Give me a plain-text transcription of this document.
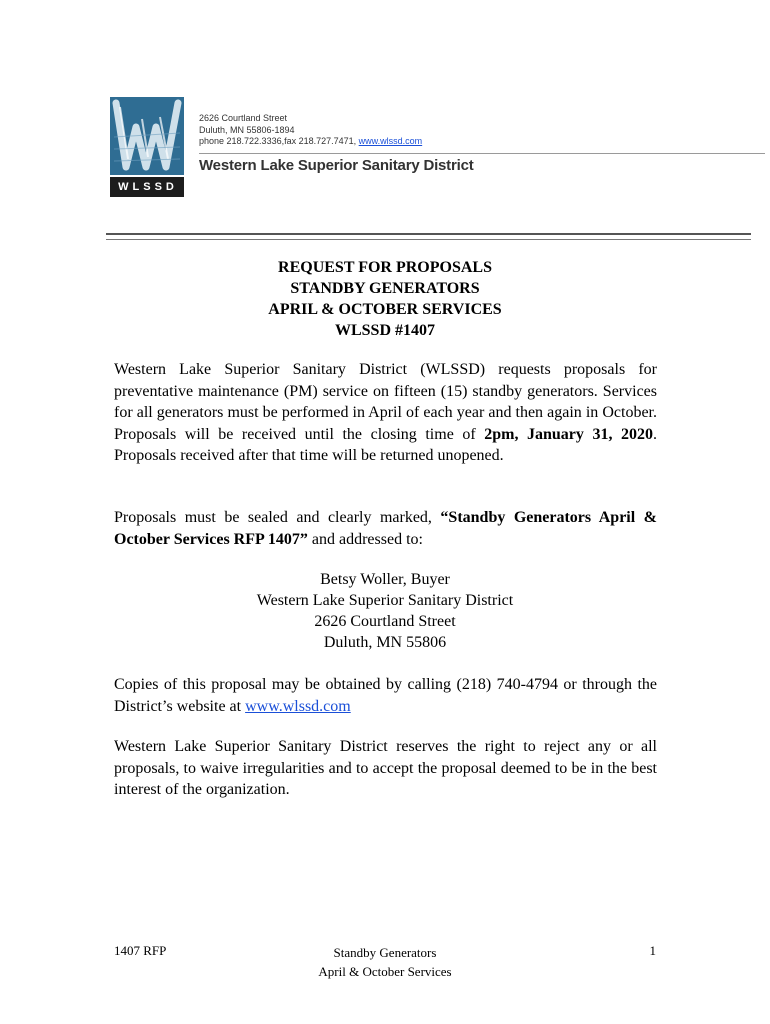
WLSSD
2626 Courtland Street
Duluth, MN 55806-1894
phone 218.722.3336,fax 218.727.7471, www.wlssd.com
Western Lake Superior Sanitary District
REQUEST FOR PROPOSALS
STANDBY GENERATORS
APRIL & OCTOBER SERVICES
WLSSD #1407
Western Lake Superior Sanitary District (WLSSD) requests proposals for preventative maintenance (PM) service on fifteen (15) standby generators. Services for all generators must be performed in April of each year and then again in October. Proposals will be received until the closing time of 2pm, January 31, 2020. Proposals received after that time will be returned unopened.
Proposals must be sealed and clearly marked, “Standby Generators April & October Services RFP 1407” and addressed to:
Betsy Woller, Buyer
Western Lake Superior Sanitary District
2626 Courtland Street
Duluth, MN 55806
Copies of this proposal may be obtained by calling (218) 740-4794 or through the District’s website at www.wlssd.com
Western Lake Superior Sanitary District reserves the right to reject any or all proposals, to waive irregularities and to accept the proposal deemed to be in the best interest of the organization.
1407 RFP	Standby Generators
April & October Services
1
